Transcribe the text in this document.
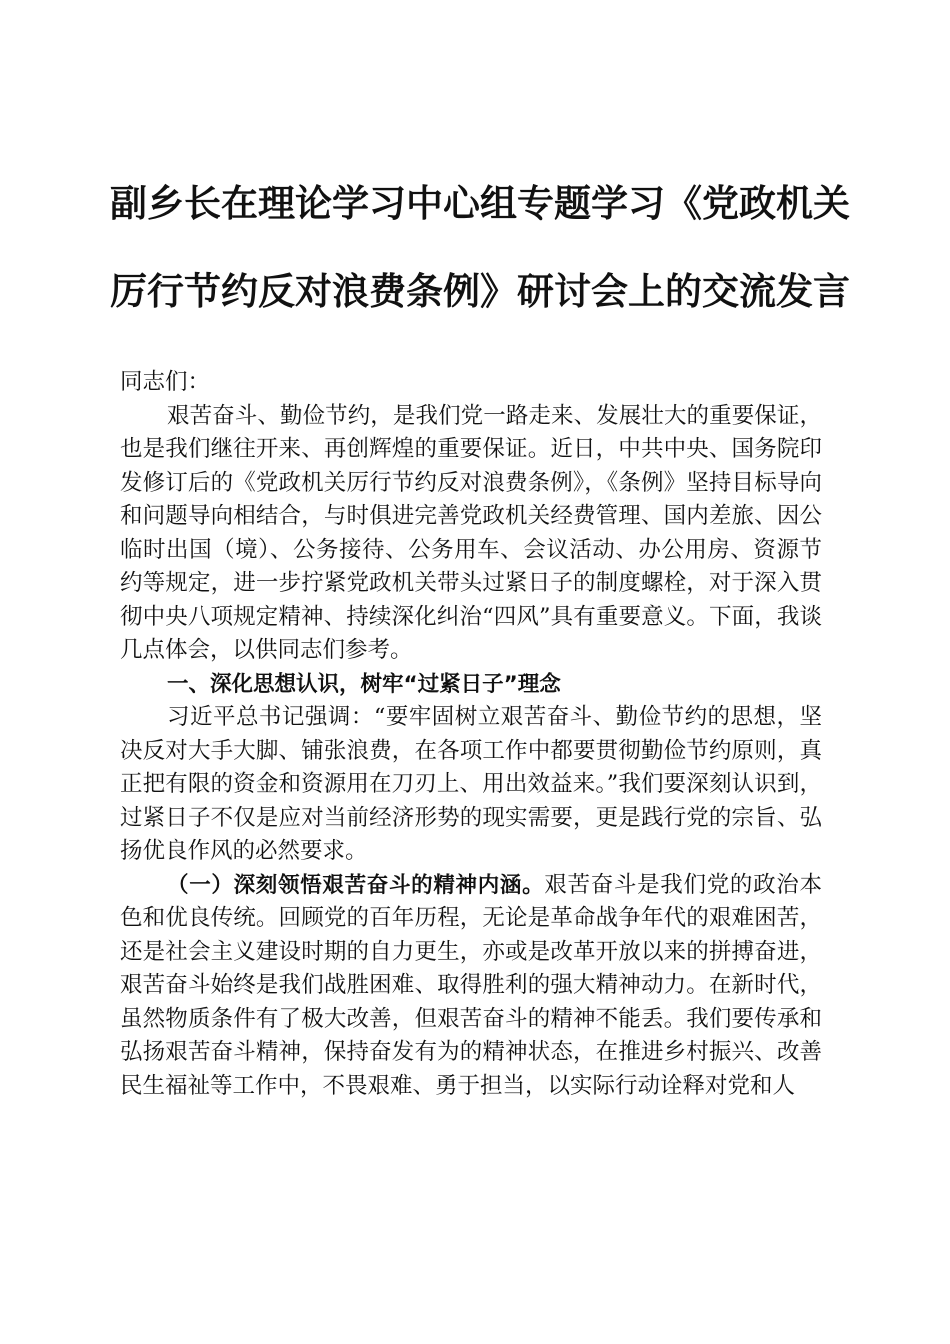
副乡长在理论学习中心组专题学习《党政机关
厉行节约反对浪费条例》研讨会上的交流发言

同志们：

艰苦奋斗、勤俭节约，是我们党一路走来、发展壮大的重要保证，也是我们继往开来、再创辉煌的重要保证。近日，中共中央、国务院印发修订后的《党政机关厉行节约反对浪费条例》，《条例》坚持目标导向和问题导向相结合，与时俱进完善党政机关经费管理、国内差旅、因公临时出国（境）、公务接待、公务用车、会议活动、办公用房、资源节约等规定，进一步拧紧党政机关带头过紧日子的制度螺栓，对于深入贯彻中央八项规定精神、持续深化纠治“四风”具有重要意义。下面，我谈几点体会，以供同志们参考。

一、深化思想认识，树牢“过紧日子”理念

习近平总书记强调：“要牢固树立艰苦奋斗、勤俭节约的思想，坚决反对大手大脚、铺张浪费，在各项工作中都要贯彻勤俭节约原则，真正把有限的资金和资源用在刀刃上、用出效益来。”我们要深刻认识到，过紧日子不仅是应对当前经济形势的现实需要，更是践行党的宗旨、弘扬优良作风的必然要求。

（一）深刻领悟艰苦奋斗的精神内涵。艰苦奋斗是我们党的政治本色和优良传统。回顾党的百年历程，无论是革命战争年代的艰难困苦，还是社会主义建设时期的自力更生，亦或是改革开放以来的拼搏奋进，艰苦奋斗始终是我们战胜困难、取得胜利的强大精神动力。在新时代，虽然物质条件有了极大改善，但艰苦奋斗的精神不能丢。我们要传承和弘扬艰苦奋斗精神，保持奋发有为的精神状态，在推进乡村振兴、改善民生福祉等工作中，不畏艰难、勇于担当，以实际行动诠释对党和人
